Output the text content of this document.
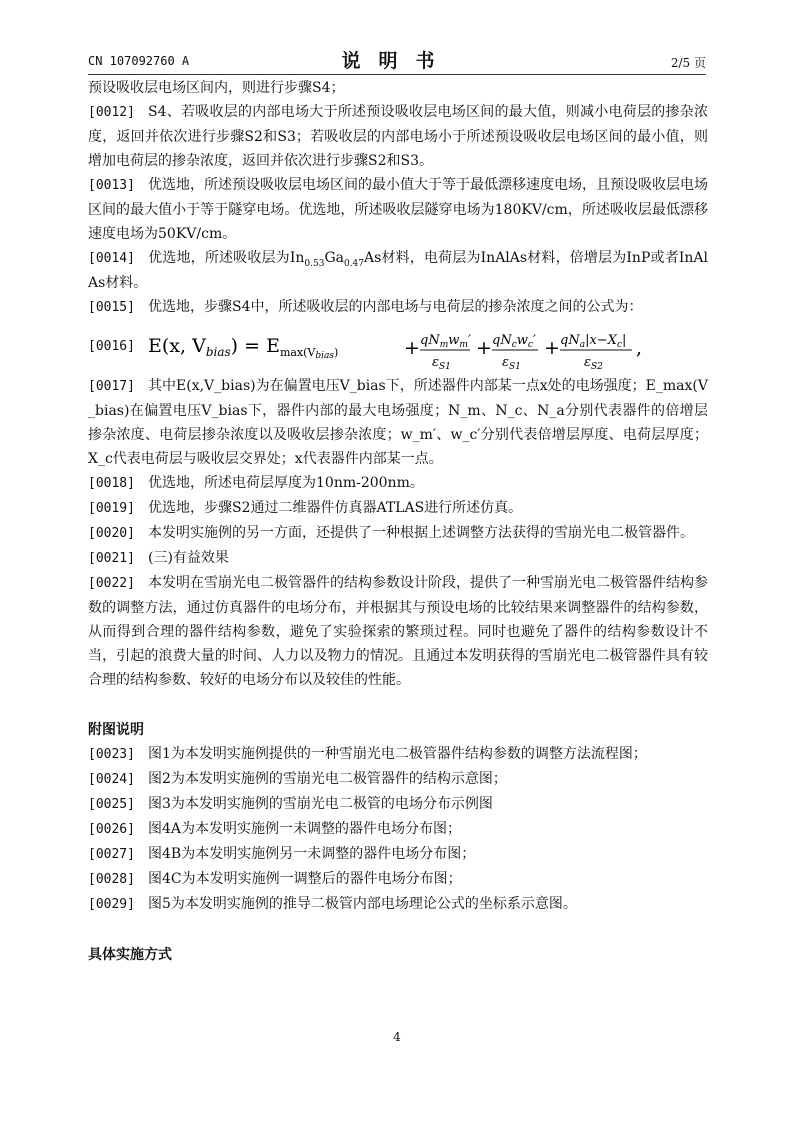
CN 107092760 A	说明书	2/5 页

预设吸收层电场区间内，则进行步骤S4；

[0012] S4、若吸收层的内部电场大于所述预设吸收层电场区间的最大值，则减小电荷层的掺杂浓度，返回并依次进行步骤S2和S3；若吸收层的内部电场小于所述预设吸收层电场区间的最小值，则增加电荷层的掺杂浓度，返回并依次进行步骤S2和S3。

[0013] 优选地，所述预设吸收层电场区间的最小值大于等于最低漂移速度电场，且预设吸收层电场区间的最大值小于等于隧穿电场。优选地，所述吸收层隧穿电场为180KV/cm，所述吸收层最低漂移速度电场为50KV/cm。

[0014] 优选地，所述吸收层为$In_{0.53}Ga_{0.47}As$材料，电荷层为InAlAs材料，倍增层为InP或者InAlAs材料。

[0015] 优选地，步骤S4中，所述吸收层的内部电场与电荷层的掺杂浓度之间的公式为：

[0016] E(x, $V_{bias}$) = $E_{max(V}bias$)	+ $qN_mw_m'$
$\varepsilon_{S1}$
+ $qN_cw_c'$
$\varepsilon_{S1}$
+ $qN_a|x-X_c|$
$\varepsilon_{S2}$
,

[0017] 其中E(x,V_bias)为在偏置电压V_bias下，所述器件内部某一点x处的电场强度；E_max(V_bias)在偏置电压V_bias下，器件内部的最大电场强度；N_m、N_c、N_a分别代表器件的倍增层掺杂浓度、电荷层掺杂浓度以及吸收层掺杂浓度；w_m′、w_c′分别代表倍增层厚度、电荷层厚度；X_c代表电荷层与吸收层交界处；x代表器件内部某一点。

[0018] 优选地，所述电荷层厚度为10nm-200nm。

[0019] 优选地，步骤S2通过二维器件仿真器ATLAS进行所述仿真。

[0020] 本发明实施例的另一方面，还提供了一种根据上述调整方法获得的雪崩光电二极管器件。

[0021] (三)有益效果

[0022] 本发明在雪崩光电二极管器件的结构参数设计阶段，提供了一种雪崩光电二极管器件结构参数的调整方法，通过仿真器件的电场分布，并根据其与预设电场的比较结果来调整器件的结构参数，从而得到合理的器件结构参数，避免了实验探索的繁琐过程。同时也避免了器件的结构参数设计不当，引起的浪费大量的时间、人力以及物力的情况。且通过本发明获得的雪崩光电二极管器件具有较合理的结构参数、较好的电场分布以及较佳的性能。

附图说明

[0023] 图1为本发明实施例提供的一种雪崩光电二极管器件结构参数的调整方法流程图；

[0024] 图2为本发明实施例的雪崩光电二极管器件的结构示意图；

[0025] 图3为本发明实施例的雪崩光电二极管的电场分布示例图

[0026] 图4A为本发明实施例一未调整的器件电场分布图；

[0027] 图4B为本发明实施例另一未调整的器件电场分布图；

[0028] 图4C为本发明实施例一调整后的器件电场分布图；

[0029] 图5为本发明实施例的推导二极管内部电场理论公式的坐标系示意图。

具体实施方式

4
